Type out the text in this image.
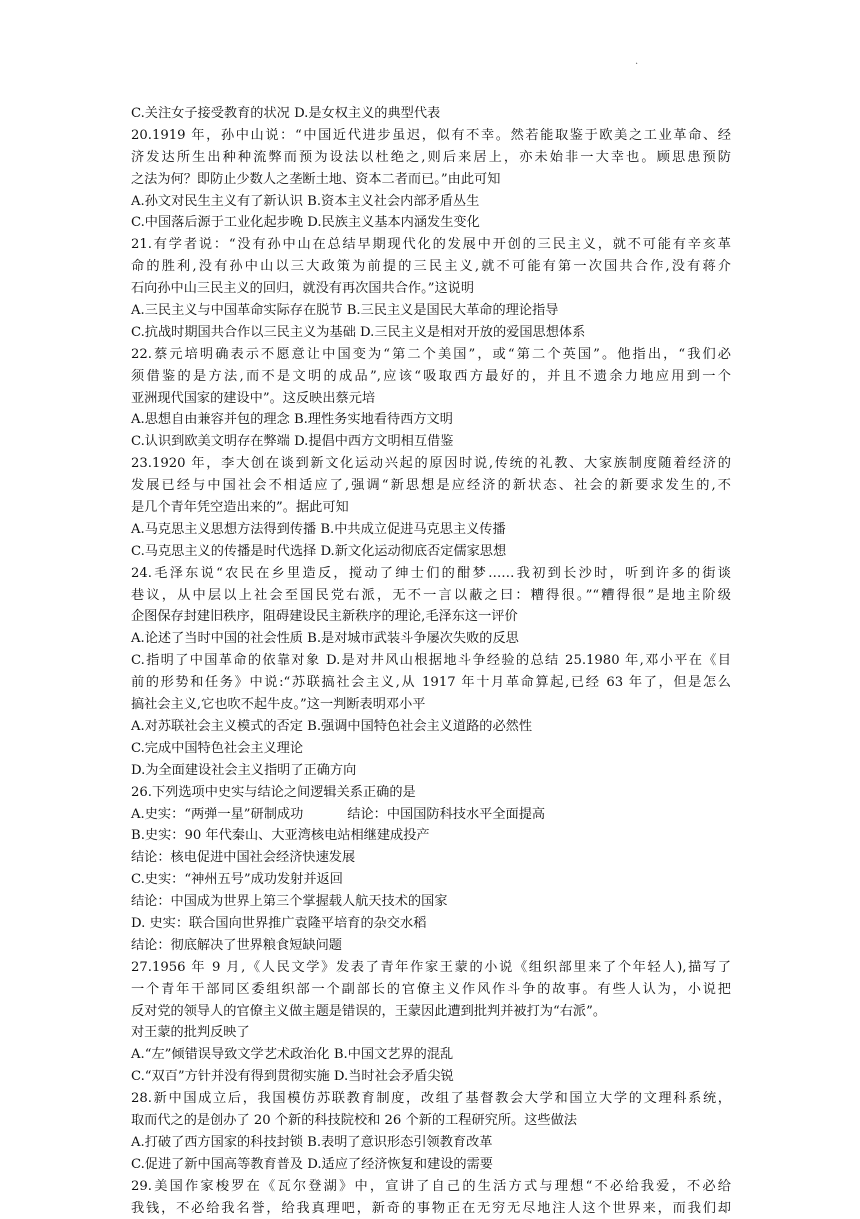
.
C.关注女子接受教育的状况 D.是女权主义的典型代表
20.1919 年，孙中山说：“中国近代进步虽迟，似有不幸。然若能取鉴于欧美之工业革命、经
济发达所生出种种流弊而预为设法以杜绝之,则后来居上，亦未始非一大幸也。顾思患预防
之法为何？即防止少数人之垄断土地、资本二者而已。”由此可知
A.孙文对民生主义有了新认识 B.资本主义社会内部矛盾丛生
C.中国落后源于工业化起步晚 D.民族主义基本内涵发生变化
21.有学者说：“没有孙中山在总结早期现代化的发展中开创的三民主义，就不可能有辛亥革
命的胜利,没有孙中山以三大政策为前提的三民主义,就不可能有第一次国共合作,没有蒋介
石向孙中山三民主义的回归，就没有再次国共合作。”这说明
A.三民主义与中国革命实际存在脱节 B.三民主义是国民大革命的理论指导
C.抗战时期国共合作以三民主义为基础 D.三民主义是相对开放的爱国思想体系
22.蔡元培明确表示不愿意让中国变为“第二个美国”，或“第二个英国”。他指出，“我们必
须借鉴的是方法,而不是文明的成品”,应该“吸取西方最好的，并且不遗余力地应用到一个
亚洲现代国家的建设中”。这反映出蔡元培
A.思想自由兼容并包的理念 B.理性务实地看待西方文明
C.认识到欧美文明存在弊端 D.提倡中西方文明相互借鉴
23.1920 年，李大创在谈到新文化运动兴起的原因时说,传统的礼教、大家族制度随着经济的
发展已经与中国社会不相适应了,强调“新思想是应经济的新状态、社会的新要求发生的,不
是几个青年凭空造出来的”。据此可知
A.马克思主义思想方法得到传播 B.中共成立促进马克思主义传播
C.马克思主义的传播是时代选择 D.新文化运动彻底否定儒家思想
24.毛泽东说“农民在乡里造反，搅动了绅士们的酣梦……我初到长沙时，听到许多的街谈
巷议，从中层以上社会至国民党右派，无不一言以蔽之曰：糟得很。”“糟得很”是地主阶级
企图保存封建旧秩序，阻碍建设民主新秩序的理论,毛泽东这一评价
A.论述了当时中国的社会性质 B.是对城市武装斗争屡次失败的反思
C.指明了中国革命的依靠对象 D.是对井风山根据地斗争经验的总结 25.1980 年,邓小平在《目
前的形势和任务》中说:“苏联搞社会主义,从 1917 年十月革命算起,已经 63 年了，但是怎么
搞社会主义,它也吹不起牛皮。”这一判断表明邓小平
A.对苏联社会主义模式的否定 B.强调中国特色社会主义道路的必然性
C.完成中国特色社会主义理论
D.为全面建设社会主义指明了正确方向
26.下列选项中史实与结论之间逻辑关系正确的是
A.史实：“两弹一星”研制成功	结论：中国国防科技水平全面提高
B.史实：90 年代秦山、大亚湾核电站相继建成投产
结论：核电促进中国社会经济快速发展
C.史实：“神州五号”成功发射并返回
结论：中国成为世界上第三个掌握载人航天技术的国家
D. 史实：联合国向世界推广袁隆平培育的杂交水稻
结论：彻底解决了世界粮食短缺问题
27.1956 年 9 月,《人民文学》发表了青年作家王蒙的小说《组织部里来了个年轻人),描写了
一个青年干部同区委组织部一个副部长的官僚主义作风作斗争的故事。有些人认为，小说把
反对党的领导人的官僚主义做主题是错误的，王蒙因此遭到批判并被打为“右派”。
对王蒙的批判反映了
A.“左”倾错误导致文学艺术政治化 B.中国文艺界的混乱
C.“双百”方针并没有得到贯彻实施 D.当时社会矛盾尖锐
28.新中国成立后，我国模仿苏联教育制度，改组了基督教会大学和国立大学的文理科系统，
取而代之的是创办了 20 个新的科技院校和 26 个新的工程研究所。这些做法
A.打破了西方国家的科技封锁 B.表明了意识形态引领教育改革
C.促进了新中国高等教育普及 D.适应了经济恢复和建设的需要
29.美国作家梭罗在《瓦尔登湖》中，宣讲了自己的生活方式与理想“不必给我爱，不必给
我钱，不必给我名誉，给我真理吧，新奇的事物正在无穷无尽地注人这个世界来，而我们却
